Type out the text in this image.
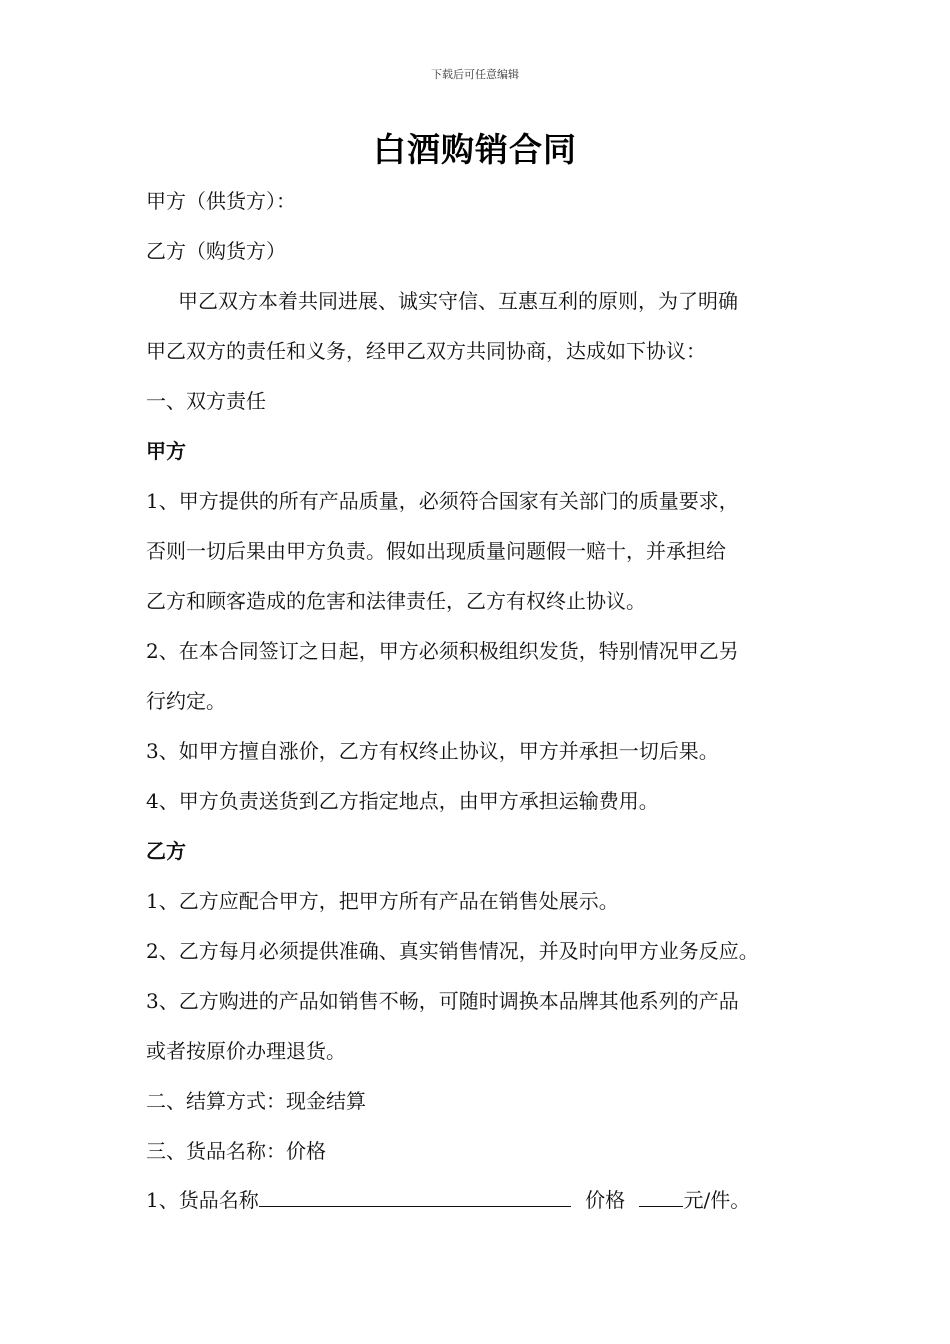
下载后可任意编辑
白酒购销合同
甲方（供货方）：
乙方（购货方）
甲乙双方本着共同进展、诚实守信、互惠互利的原则，为了明确
甲乙双方的责任和义务，经甲乙双方共同协商，达成如下协议：
一、双方责任
甲方
1、甲方提供的所有产品质量，必须符合国家有关部门的质量要求，
否则一切后果由甲方负责。假如出现质量问题假一赔十，并承担给
乙方和顾客造成的危害和法律责任，乙方有权终止协议。
2、在本合同签订之日起，甲方必须积极组织发货，特别情况甲乙另
行约定。
3、如甲方擅自涨价，乙方有权终止协议，甲方并承担一切后果。
4、甲方负责送货到乙方指定地点，由甲方承担运输费用。
乙方
1、乙方应配合甲方，把甲方所有产品在销售处展示。
2、乙方每月必须提供准确、真实销售情况，并及时向甲方业务反应。
3、乙方购进的产品如销售不畅，可随时调换本品牌其他系列的产品
或者按原价办理退货。
二、结算方式：现金结算
三、货品名称：价格
1、货品名称	价格	元/件。
